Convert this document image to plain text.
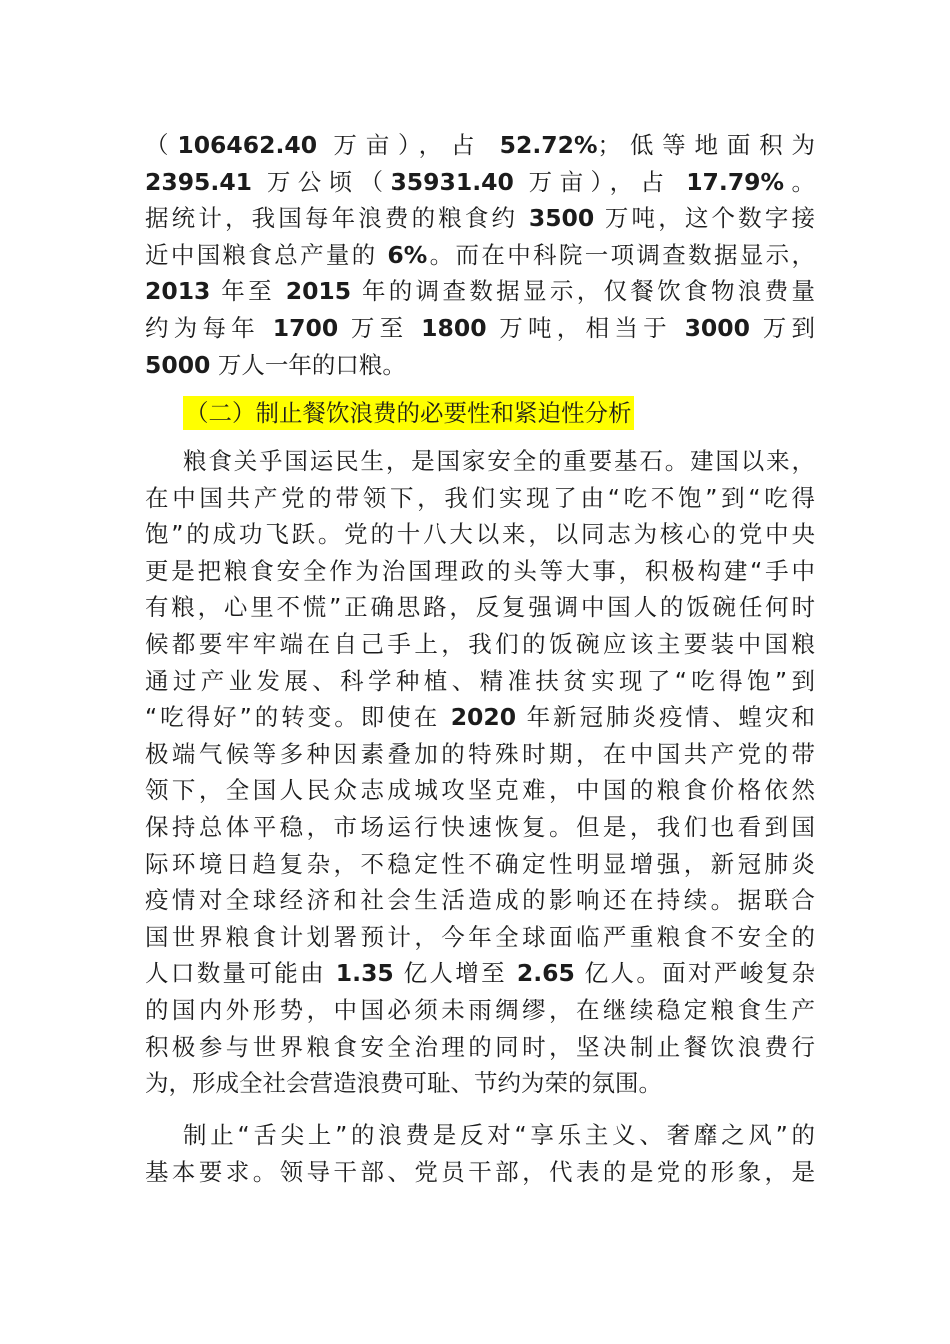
（106462.40 万亩），占 52.72%；低等地面积为
2395.41 万公顷（35931.40 万亩），占 17.79%。
据统计，我国每年浪费的粮食约 3500 万吨，这个数字接
近中国粮食总产量的 6%。而在中科院一项调查数据显示，
2013 年至 2015 年的调查数据显示，仅餐饮食物浪费量
约为每年 1700 万至 1800 万吨，相当于 3000 万到
5000 万人一年的口粮。
（二）制止餐饮浪费的必要性和紧迫性分析
粮食关乎国运民生，是国家安全的重要基石。建国以来，
在中国共产党的带领下，我们实现了由“吃不饱”到“吃得
饱”的成功飞跃。党的十八大以来，以同志为核心的党中央
更是把粮食安全作为治国理政的头等大事，积极构建“手中
有粮，心里不慌”正确思路，反复强调中国人的饭碗任何时
候都要牢牢端在自己手上，我们的饭碗应该主要装中国粮
通过产业发展、科学种植、精准扶贫实现了“吃得饱”到
“吃得好”的转变。即使在 2020 年新冠肺炎疫情、蝗灾和
极端气候等多种因素叠加的特殊时期，在中国共产党的带
领下，全国人民众志成城攻坚克难，中国的粮食价格依然
保持总体平稳，市场运行快速恢复。但是，我们也看到国
际环境日趋复杂，不稳定性不确定性明显增强，新冠肺炎
疫情对全球经济和社会生活造成的影响还在持续。据联合
国世界粮食计划署预计，今年全球面临严重粮食不安全的
人口数量可能由 1.35 亿人增至 2.65 亿人。面对严峻复杂
的国内外形势，中国必须未雨绸缪，在继续稳定粮食生产
积极参与世界粮食安全治理的同时，坚决制止餐饮浪费行
为，形成全社会营造浪费可耻、节约为荣的氛围。
制止“舌尖上”的浪费是反对“享乐主义、奢靡之风”的
基本要求。领导干部、党员干部，代表的是党的形象，是
